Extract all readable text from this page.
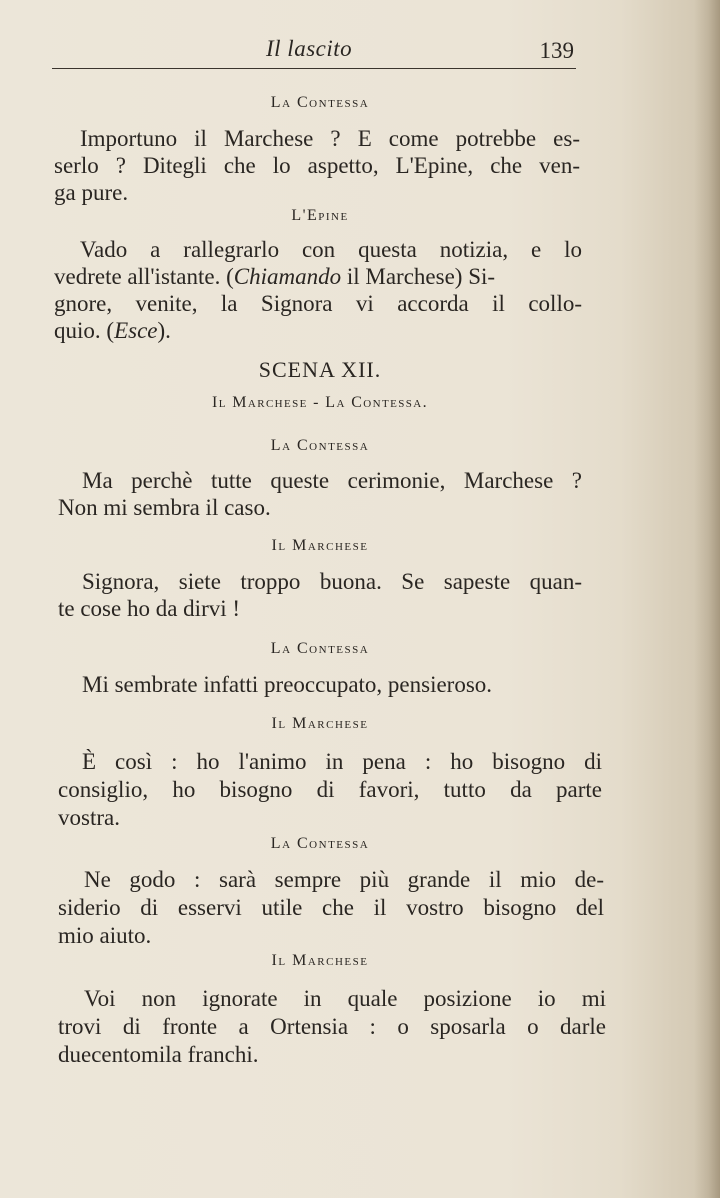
Il lascito	139
La Contessa
Importuno il Marchese ? E come potrebbe es-
serlo ? Ditegli che lo aspetto, L'Epine, che ven-
ga pure.
L'Epine
Vado a rallegrarlo con questa notizia, e lo
vedrete all'istante. (Chiamando il Marchese) Si-
gnore, venite, la Signora vi accorda il collo-
quio. (Esce).
SCENA XII.
Il Marchese - La Contessa.
La Contessa
Ma perchè tutte queste cerimonie, Marchese ?
Non mi sembra il caso.
Il Marchese
Signora, siete troppo buona. Se sapeste quan-
te cose ho da dirvi !
La Contessa
Mi sembrate infatti preoccupato, pensieroso.
Il Marchese
È così : ho l'animo in pena : ho bisogno di
consiglio, ho bisogno di favori, tutto da parte
vostra.
La Contessa
Ne godo : sarà sempre più grande il mio de-
siderio di esservi utile che il vostro bisogno del
mio aiuto.
Il Marchese
Voi non ignorate in quale posizione io mi
trovi di fronte a Ortensia : o sposarla o darle
duecentomila franchi.
